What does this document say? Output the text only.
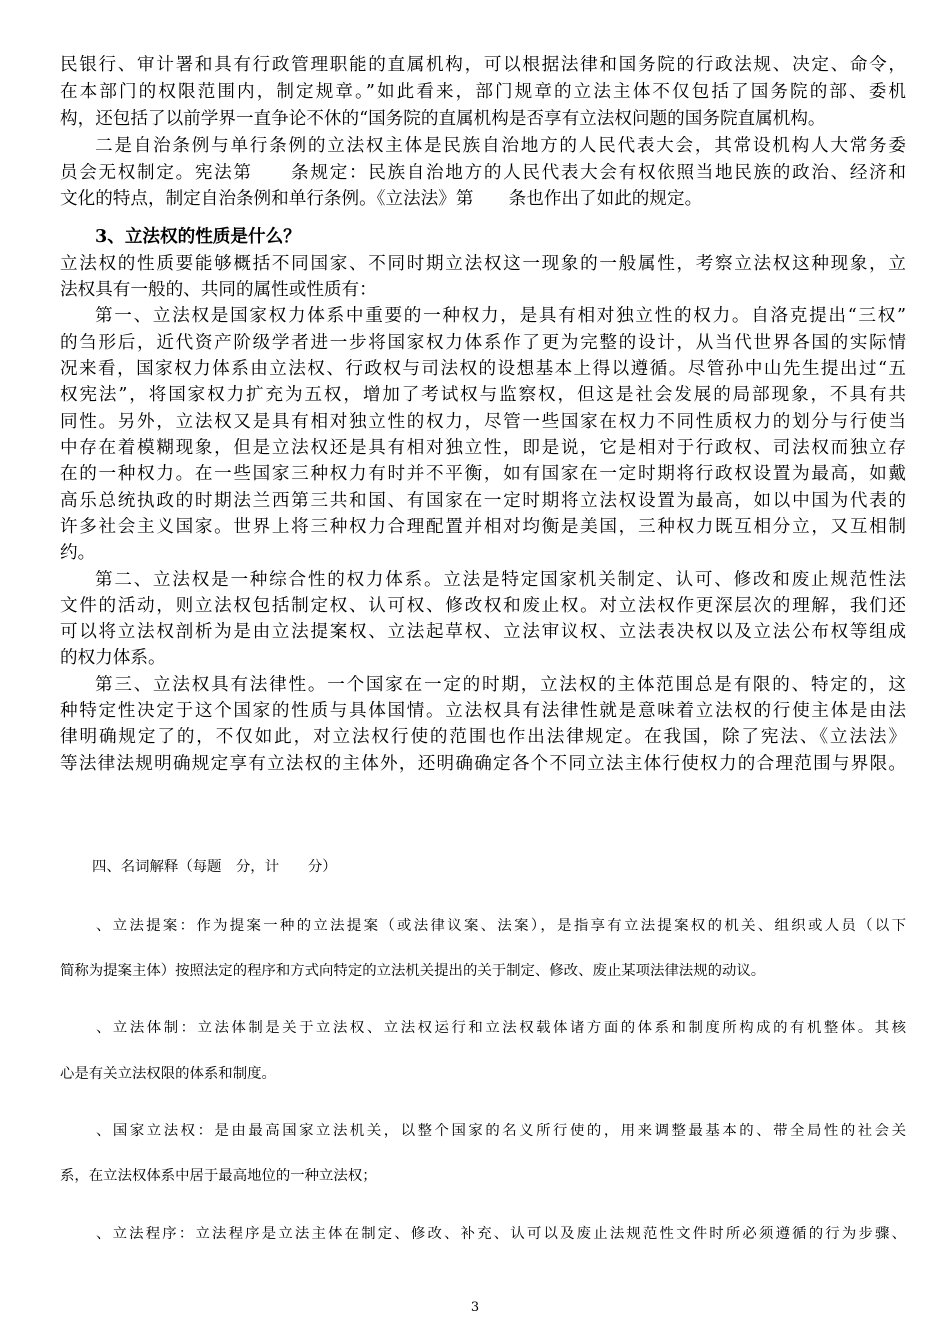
民银行、审计署和具有行政管理职能的直属机构，可以根据法律和国务院的行政法规、决定、命令，
在本部门的权限范围内，制定规章。”如此看来，部门规章的立法主体不仅包括了国务院的部、委机
构，还包括了以前学界一直争论不休的“国务院的直属机构是否享有立法权问题的国务院直属机构。
二是自治条例与单行条例的立法权主体是民族自治地方的人民代表大会，其常设机构人大常务委
员会无权制定。宪法第　　条规定：民族自治地方的人民代表大会有权依照当地民族的政治、经济和
文化的特点，制定自治条例和单行条例。《立法法》第　　条也作出了如此的规定。
3、立法权的性质是什么？
立法权的性质要能够概括不同国家、不同时期立法权这一现象的一般属性，考察立法权这种现象，立
法权具有一般的、共同的属性或性质有：
第一、立法权是国家权力体系中重要的一种权力，是具有相对独立性的权力。自洛克提出“三权”
的刍形后，近代资产阶级学者进一步将国家权力体系作了更为完整的设计，从当代世界各国的实际情
况来看，国家权力体系由立法权、行政权与司法权的设想基本上得以遵循。尽管孙中山先生提出过“五
权宪法”，将国家权力扩充为五权，增加了考试权与监察权，但这是社会发展的局部现象，不具有共
同性。另外，立法权又是具有相对独立性的权力，尽管一些国家在权力不同性质权力的划分与行使当
中存在着模糊现象，但是立法权还是具有相对独立性，即是说，它是相对于行政权、司法权而独立存
在的一种权力。在一些国家三种权力有时并不平衡，如有国家在一定时期将行政权设置为最高，如戴
高乐总统执政的时期法兰西第三共和国、有国家在一定时期将立法权设置为最高，如以中国为代表的
许多社会主义国家。世界上将三种权力合理配置并相对均衡是美国，三种权力既互相分立，又互相制
约。
第二、立法权是一种综合性的权力体系。立法是特定国家机关制定、认可、修改和废止规范性法
文件的活动，则立法权包括制定权、认可权、修改权和废止权。对立法权作更深层次的理解，我们还
可以将立法权剖析为是由立法提案权、立法起草权、立法审议权、立法表决权以及立法公布权等组成
的权力体系。
第三、立法权具有法律性。一个国家在一定的时期，立法权的主体范围总是有限的、特定的，这
种特定性决定于这个国家的性质与具体国情。立法权具有法律性就是意味着立法权的行使主体是由法
律明确规定了的，不仅如此，对立法权行使的范围也作出法律规定。在我国，除了宪法、《立法法》
等法律法规明确规定享有立法权的主体外，还明确确定各个不同立法主体行使权力的合理范围与界限。
四、名词解释（每题　分，计　　分）
、立法提案：作为提案一种的立法提案（或法律议案、法案），是指享有立法提案权的机关、组织或人员（以下
简称为提案主体）按照法定的程序和方式向特定的立法机关提出的关于制定、修改、废止某项法律法规的动议。
、立法体制：立法体制是关于立法权、立法权运行和立法权载体诸方面的体系和制度所构成的有机整体。其核
心是有关立法权限的体系和制度。
、国家立法权：是由最高国家立法机关，以整个国家的名义所行使的，用来调整最基本的、带全局性的社会关
系，在立法权体系中居于最高地位的一种立法权；
、立法程序：立法程序是立法主体在制定、修改、补充、认可以及废止法规范性文件时所必须遵循的行为步骤、
3
